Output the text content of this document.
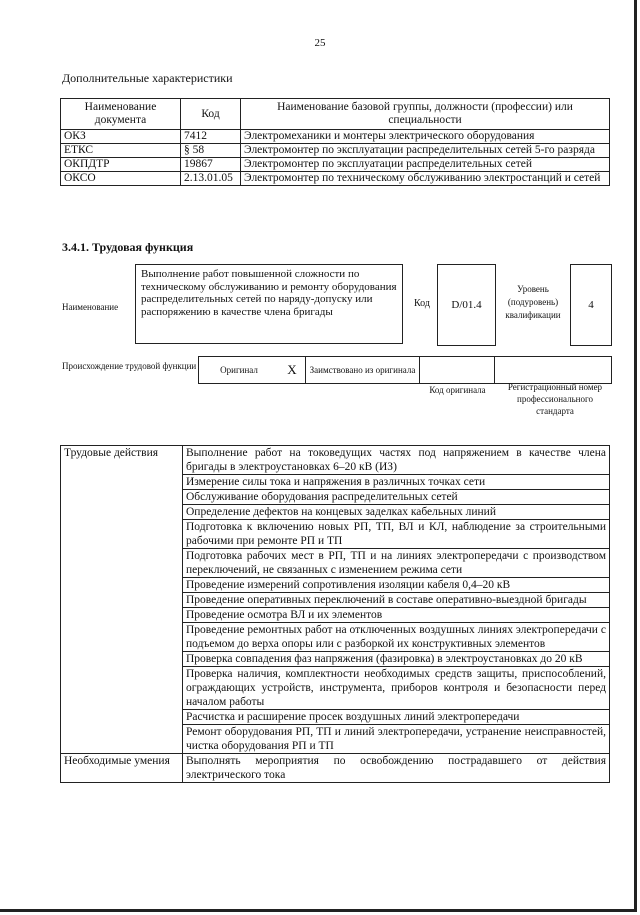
25
Дополнительные характеристики
Наименование документа	Код	Наименование базовой группы, должности (профессии) или специальности
ОКЗ	7412	Электромеханики и монтеры электрического оборудования
ЕТКС	§ 58	Электромонтер по эксплуатации распределительных сетей 5-го разряда
ОКПДТР	19867	Электромонтер по эксплуатации распределительных сетей
ОКСО	2.13.01.05	Электромонтер по техническому обслуживанию электростанций и сетей
3.4.1. Трудовая функция
Наименование
Выполнение работ повышенной сложности по техническому обслуживанию и ремонту оборудования распределительных сетей по наряду-допуску или распоряжению в качестве члена бригады
Код D/01.4
Уровень (подуровень) квалификации
4
Происхождение трудовой функции	Оригинал	X	Заимствовано из оригинала
Код оригинала	Регистрационный номер профессионального стандарта
Трудовые действия	Выполнение работ на токоведущих частях под напряжением в качестве члена бригады в электроустановках 6–20 кВ (ИЗ)
	Измерение силы тока и напряжения в различных точках сети
	Обслуживание оборудования распределительных сетей
	Определение дефектов на концевых заделках кабельных линий
	Подготовка к включению новых РП, ТП, ВЛ и КЛ, наблюдение за строительными рабочими при ремонте РП и ТП
	Подготовка рабочих мест в РП, ТП и на линиях электропередачи с производством переключений, не связанных с изменением режима сети
	Проведение измерений сопротивления изоляции кабеля 0,4–20 кВ
	Проведение оперативных переключений в составе оперативно-выездной бригады
	Проведение осмотра ВЛ и их элементов
	Проведение ремонтных работ на отключенных воздушных линиях электропередачи с подъемом до верха опоры или с разборкой их конструктивных элементов
	Проверка совпадения фаз напряжения (фазировка) в электроустановках до 20 кВ
	Проверка наличия, комплектности необходимых средств защиты, приспособлений, ограждающих устройств, инструмента, приборов контроля и безопасности перед началом работы
	Расчистка и расширение просек воздушных линий электропередачи
	Ремонт оборудования РП, ТП и линий электропередачи, устранение неисправностей, чистка оборудования РП и ТП
Необходимые умения	Выполнять мероприятия по освобождению пострадавшего от действия электрического тока
